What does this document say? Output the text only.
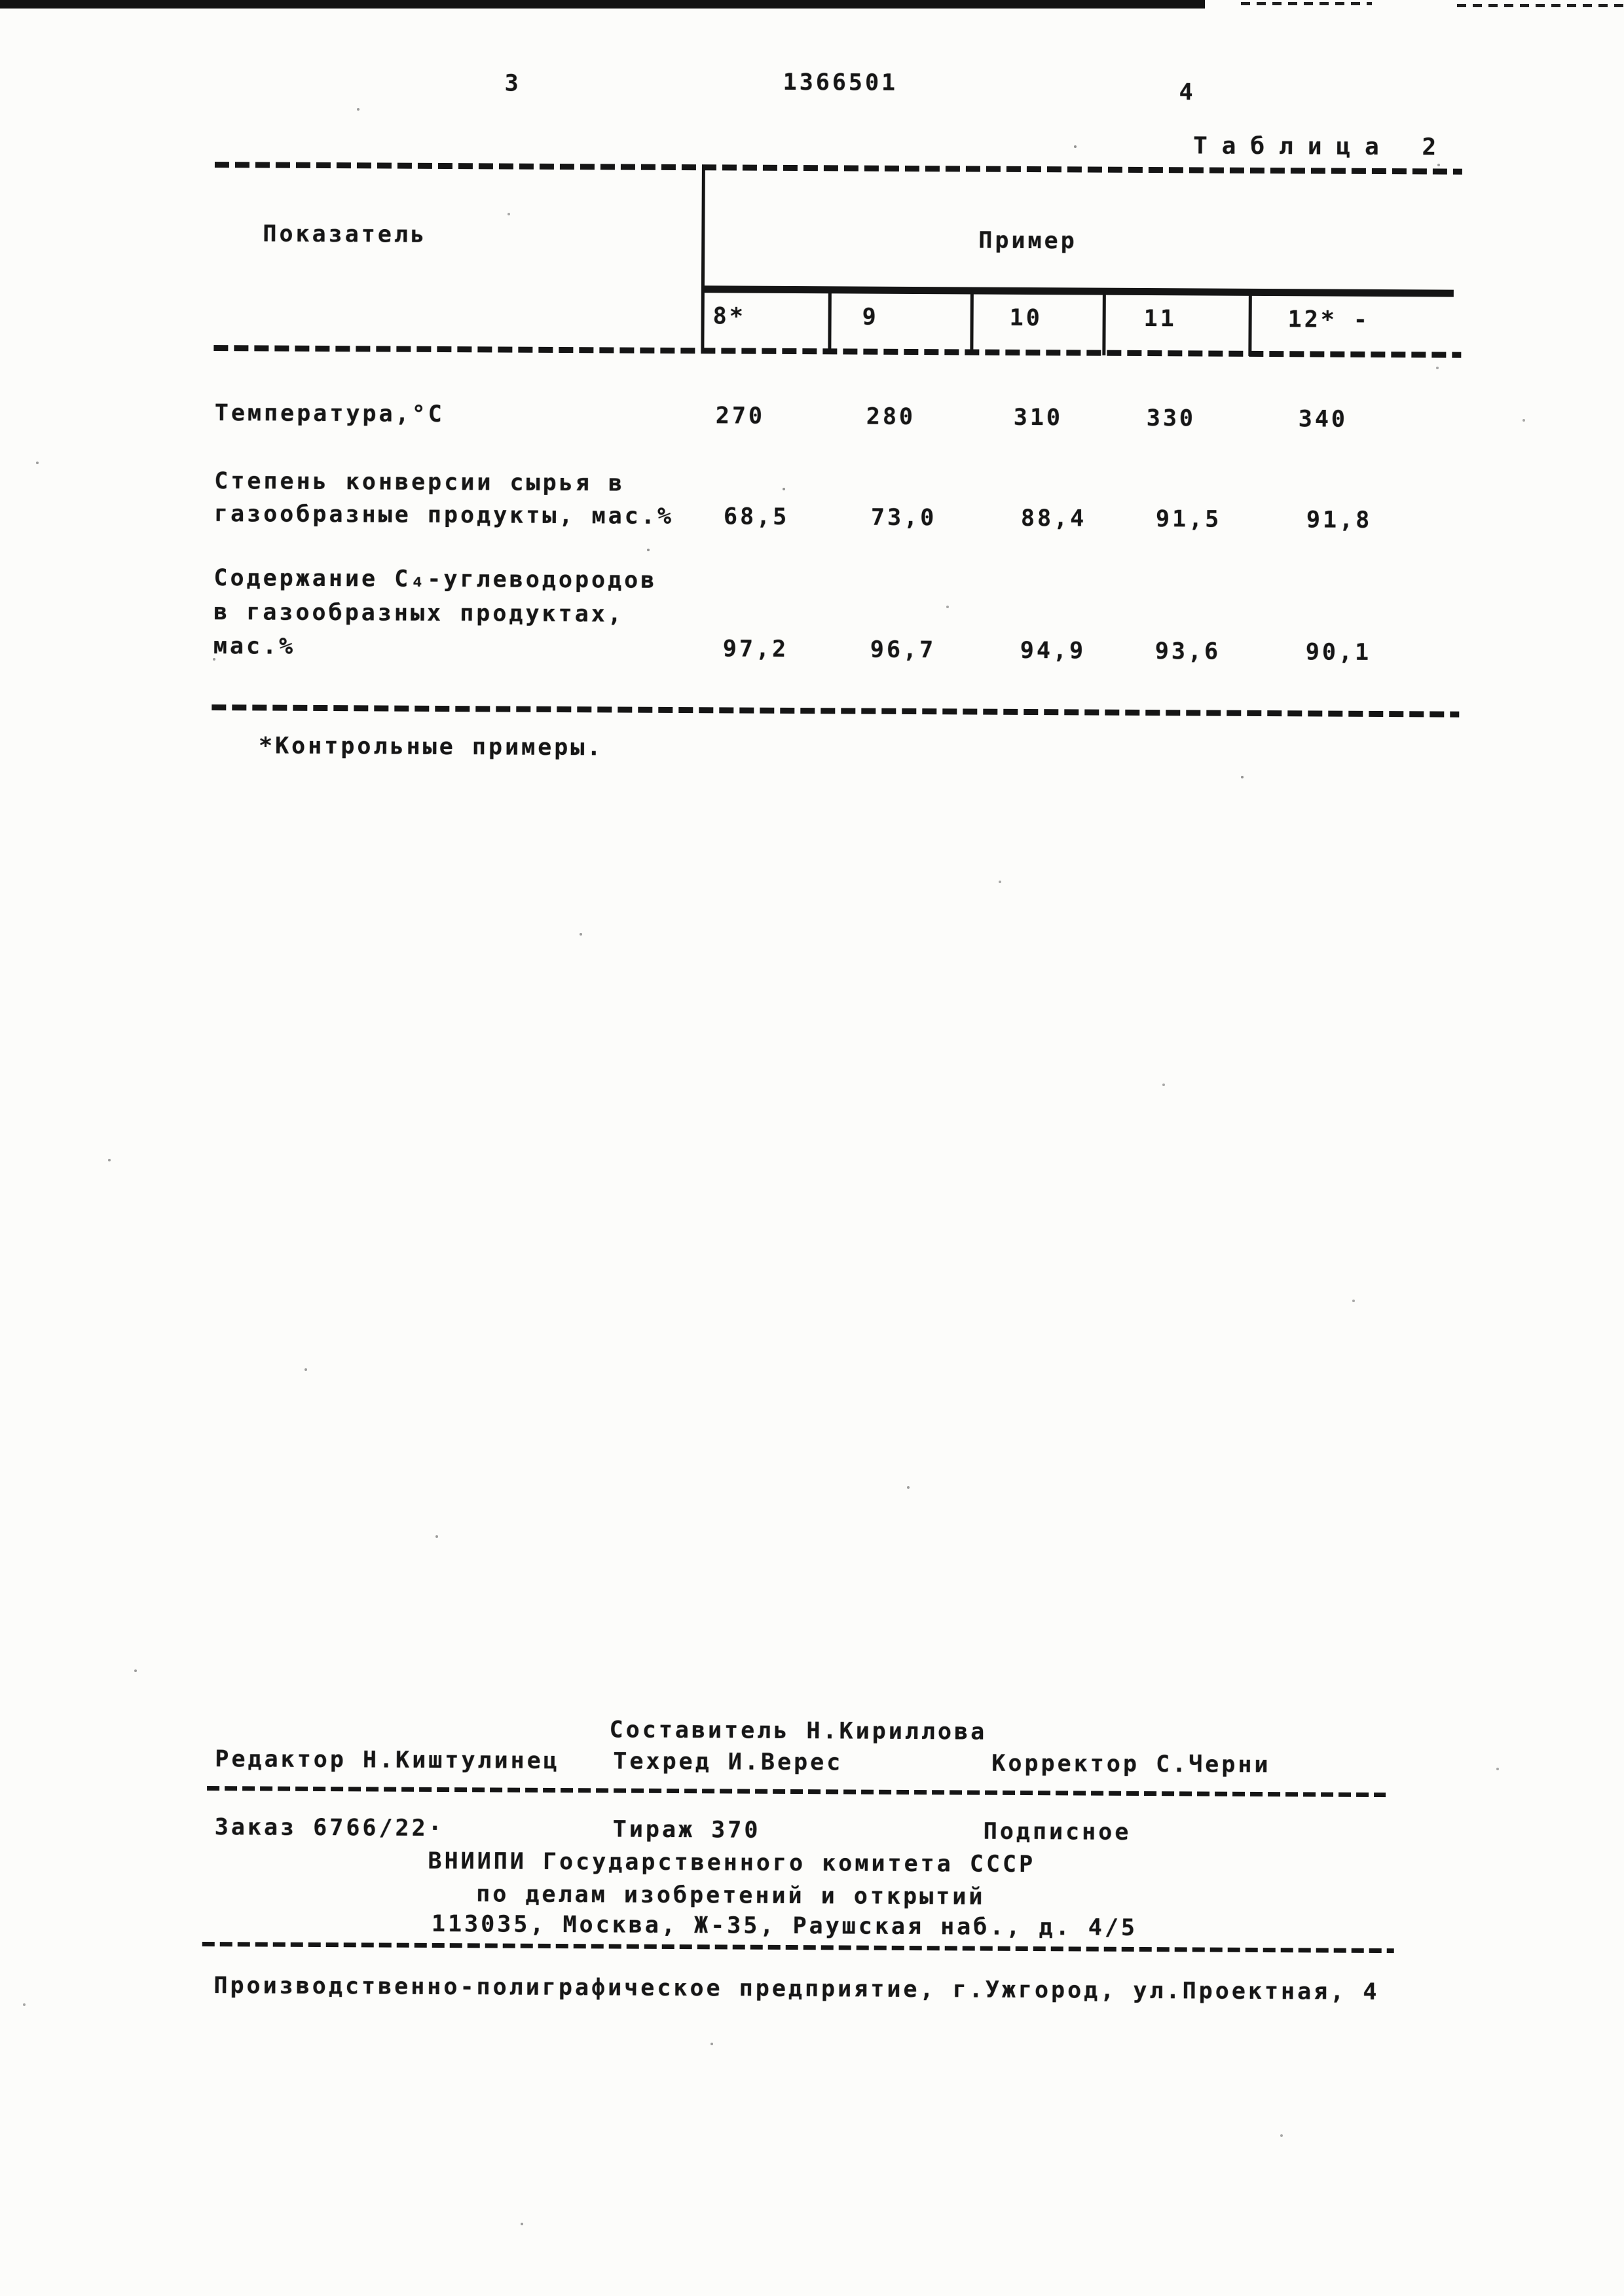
3	1366501	4
Таблица 2
Показатель	Пример
8*	9	10	11	12* -
Температура,°С	270	280	310	330	340
Степень конверсии сырья в
газообразные продукты, мас.% 68,5	73,0	88,4	91,5	91,8
Содержание С₄-углеводородов
в газообразных продуктах,
мас.%	97,2	96,7	94,9	93,6	90,1
*Контрольные примеры.
Составитель Н.Кириллова
Редактор Н.Киштулинец Техред И.Верес	Корректор С.Черни
Заказ 6766/22·	Тираж 370	Подписное
ВНИИПИ Государственного комитета СССР
по делам изобретений и открытий
113035, Москва, Ж-35, Раушская наб., д. 4/5
Производственно-полиграфическое предприятие, г.Ужгород, ул.Проектная, 4
